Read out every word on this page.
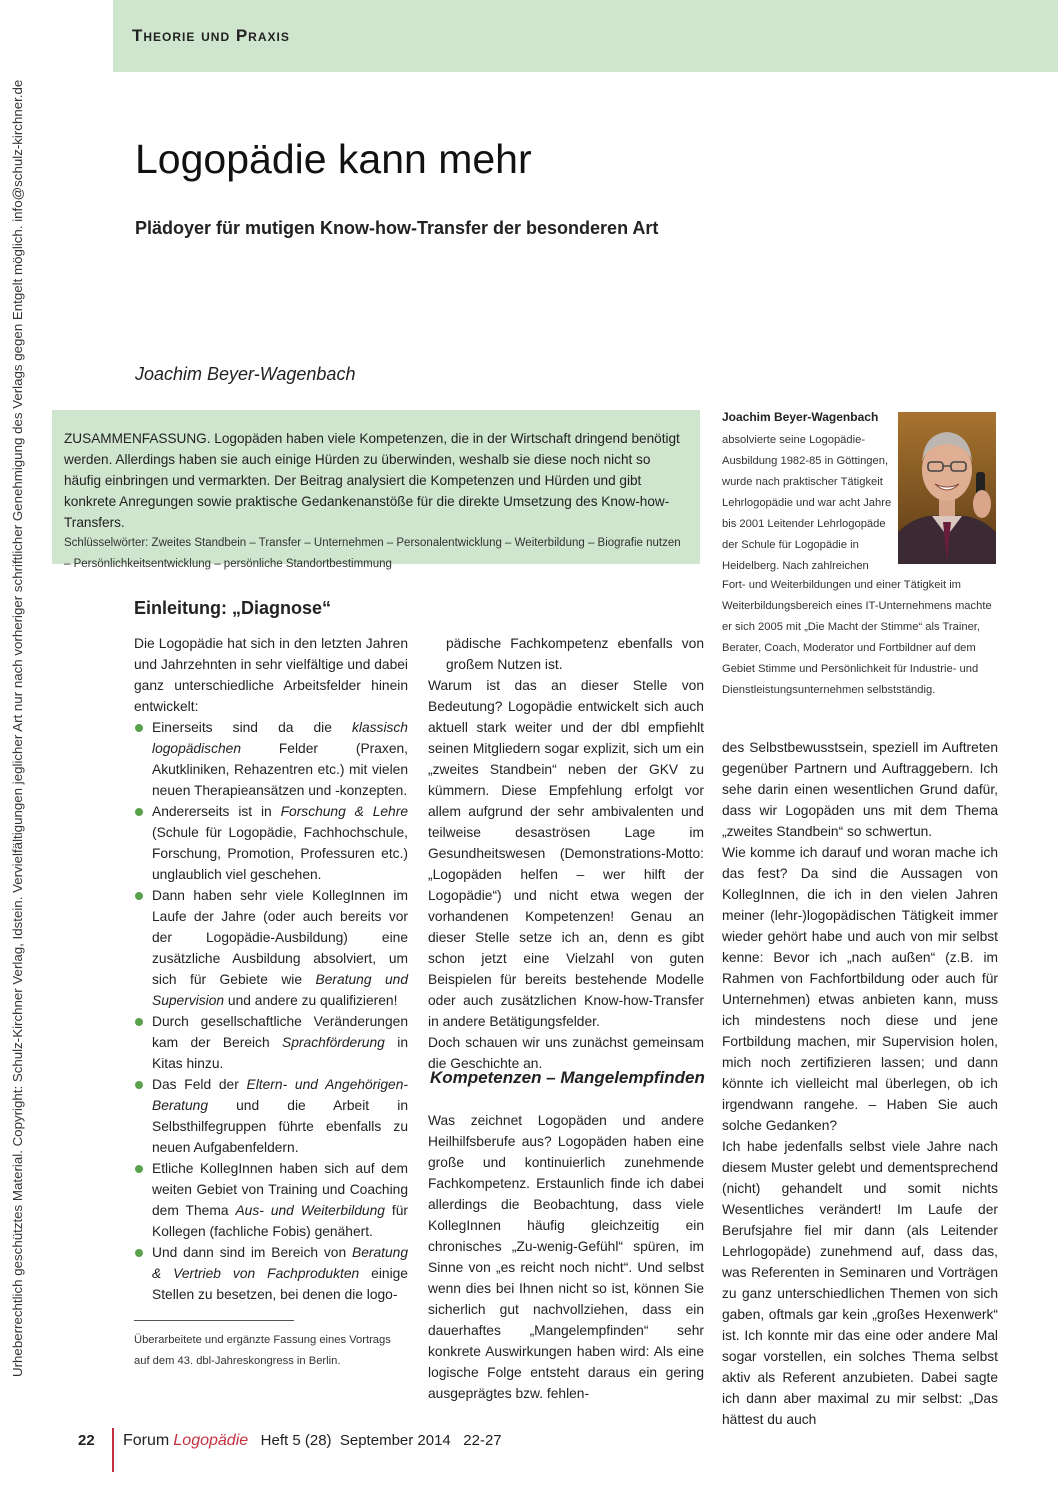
Theorie und Praxis
Urheberrechtlich geschütztes Material. Copyright: Schulz-Kirchner Verlag, Idstein. Vervielfältigungen jeglicher Art nur nach vorheriger schriftlicher Genehmigung des Verlags gegen Entgelt möglich. info@schulz-kirchner.de	Logopädie kann mehr
Plädoyer für mutigen Know-how-Transfer der besonderen Art
Joachim Beyer-Wagenbach

ZUSAMMENFASSUNG. Logopäden haben viele Kompetenzen, die in der Wirtschaft dringend benötigt werden. Allerdings haben sie auch einige Hürden zu überwinden, weshalb sie diese noch nicht so häufig einbringen und vermarkten. Der Beitrag analysiert die Kompetenzen und Hürden und gibt konkrete Anregungen sowie praktische Gedankenanstöße für die direkte Umsetzung des Know-how-Transfers.

Schlüsselwörter: Zweites Standbein – Transfer – Unternehmen – Personalentwicklung – Weiterbildung – Biografie nutzen – Persönlichkeitsentwicklung – persönliche Standortbestimmung

Joachim Beyer-Wagenbach

absolvierte seine Logopädie-Ausbildung 1982-85 in Göttingen, wurde nach praktischer Tätigkeit Lehrlogopädie und war acht Jahre bis 2001 Leitender Lehrlogopäde der Schule für Logopädie in Heidelberg. Nach zahlreichen

Fort- und Weiterbildungen und einer Tätigkeit im Weiterbildungsbereich eines IT-Unternehmens machte er sich 2005 mit „Die Macht der Stimme“ als Trainer, Berater, Coach, Moderator und Fortbildner auf dem Gebiet Stimme und Persönlichkeit für Industrie- und Dienstleistungsunternehmen selbstständig.

Einleitung: „Diagnose“

Die Logopädie hat sich in den letzten Jahren und Jahrzehnten in sehr vielfältige und dabei ganz unterschiedliche Arbeitsfelder hinein entwickelt:

Einerseits sind da die klassisch logopädischen Felder (Praxen, Akutkliniken, Rehazentren etc.) mit vielen neuen Therapieansätzen und -konzepten.
Andererseits ist in Forschung & Lehre (Schule für Logopädie, Fachhochschule, Forschung, Promotion, Professuren etc.) unglaublich viel geschehen.
Dann haben sehr viele KollegInnen im Laufe der Jahre (oder auch bereits vor der Logopädie-Ausbildung) eine zusätzliche Ausbildung absolviert, um sich für Gebiete wie Beratung und Supervision und andere zu qualifizieren!
Durch gesellschaftliche Veränderungen kam der Bereich Sprachförderung in Kitas hinzu.
Das Feld der Eltern- und Angehörigen-Beratung und die Arbeit in Selbsthilfegruppen führte ebenfalls zu neuen Aufgabenfeldern.
Etliche KollegInnen haben sich auf dem weiten Gebiet von Training und Coaching dem Thema Aus- und Weiterbildung für Kollegen (fachliche Fobis) genähert.
Und dann sind im Bereich von Beratung & Vertrieb von Fachprodukten einige Stellen zu besetzen, bei denen die logo-

Überarbeitete und ergänzte Fassung eines Vortrags auf dem 43. dbl-Jahreskongress in Berlin.

pädische Fachkompetenz ebenfalls von großem Nutzen ist.

Warum ist das an dieser Stelle von Bedeutung? Logopädie entwickelt sich auch aktuell stark weiter und der dbl empfiehlt seinen Mitgliedern sogar explizit, sich um ein „zweites Standbein“ neben der GKV zu kümmern. Diese Empfehlung erfolgt vor allem aufgrund der sehr ambivalenten und teilweise desaströsen Lage im Gesundheitswesen (Demonstrations-Motto: „Logopäden helfen – wer hilft der Logopädie“) und nicht etwa wegen der vorhandenen Kompetenzen! Genau an dieser Stelle setze ich an, denn es gibt schon jetzt eine Vielzahl von guten Beispielen für bereits bestehende Modelle oder auch zusätzlichen Know-how-Transfer in andere Betätigungsfelder.

Doch schauen wir uns zunächst gemeinsam die Geschichte an.

Kompetenzen – Mangelempfinden

Was zeichnet Logopäden und andere Heilhilfsberufe aus? Logopäden haben eine große und kontinuierlich zunehmende Fachkompetenz. Erstaunlich finde ich dabei allerdings die Beobachtung, dass viele KollegInnen häufig gleichzeitig ein chronisches „Zu-wenig-Gefühl“ spüren, im Sinne von „es reicht noch nicht“. Und selbst wenn dies bei Ihnen nicht so ist, können Sie sicherlich gut nachvollziehen, dass ein dauerhaftes „Mangelempfinden“ sehr konkrete Auswirkungen haben wird: Als eine logische Folge entsteht daraus ein gering ausgeprägtes bzw. fehlen-

des Selbstbewusstsein, speziell im Auftreten gegenüber Partnern und Auftraggebern. Ich sehe darin einen wesentlichen Grund dafür, dass wir Logopäden uns mit dem Thema „zweites Standbein“ so schwertun.

Wie komme ich darauf und woran mache ich das fest? Da sind die Aussagen von KollegInnen, die ich in den vielen Jahren meiner (lehr-)logopädischen Tätigkeit immer wieder gehört habe und auch von mir selbst kenne: Bevor ich „nach außen“ (z.B. im Rahmen von Fachfortbildung oder auch für Unternehmen) etwas anbieten kann, muss ich mindestens noch diese und jene Fortbildung machen, mir Supervision holen, mich noch zertifizieren lassen; und dann könnte ich vielleicht mal überlegen, ob ich irgendwann rangehe. – Haben Sie auch solche Gedanken?

Ich habe jedenfalls selbst viele Jahre nach diesem Muster gelebt und dementsprechend (nicht) gehandelt und somit nichts Wesentliches verändert! Im Laufe der Berufsjahre fiel mir dann (als Leitender Lehrlogopäde) zunehmend auf, dass das, was Referenten in Seminaren und Vorträgen zu ganz unterschiedlichen Themen von sich gaben, oftmals gar kein „großes Hexenwerk“ ist. Ich konnte mir das eine oder andere Mal sogar vorstellen, ein solches Thema selbst aktiv als Referent anzubieten. Dabei sagte ich dann aber maximal zu mir selbst: „Das hättest du auch

22 Forum Logopädie Heft 5 (28)  September 2014   22-27
